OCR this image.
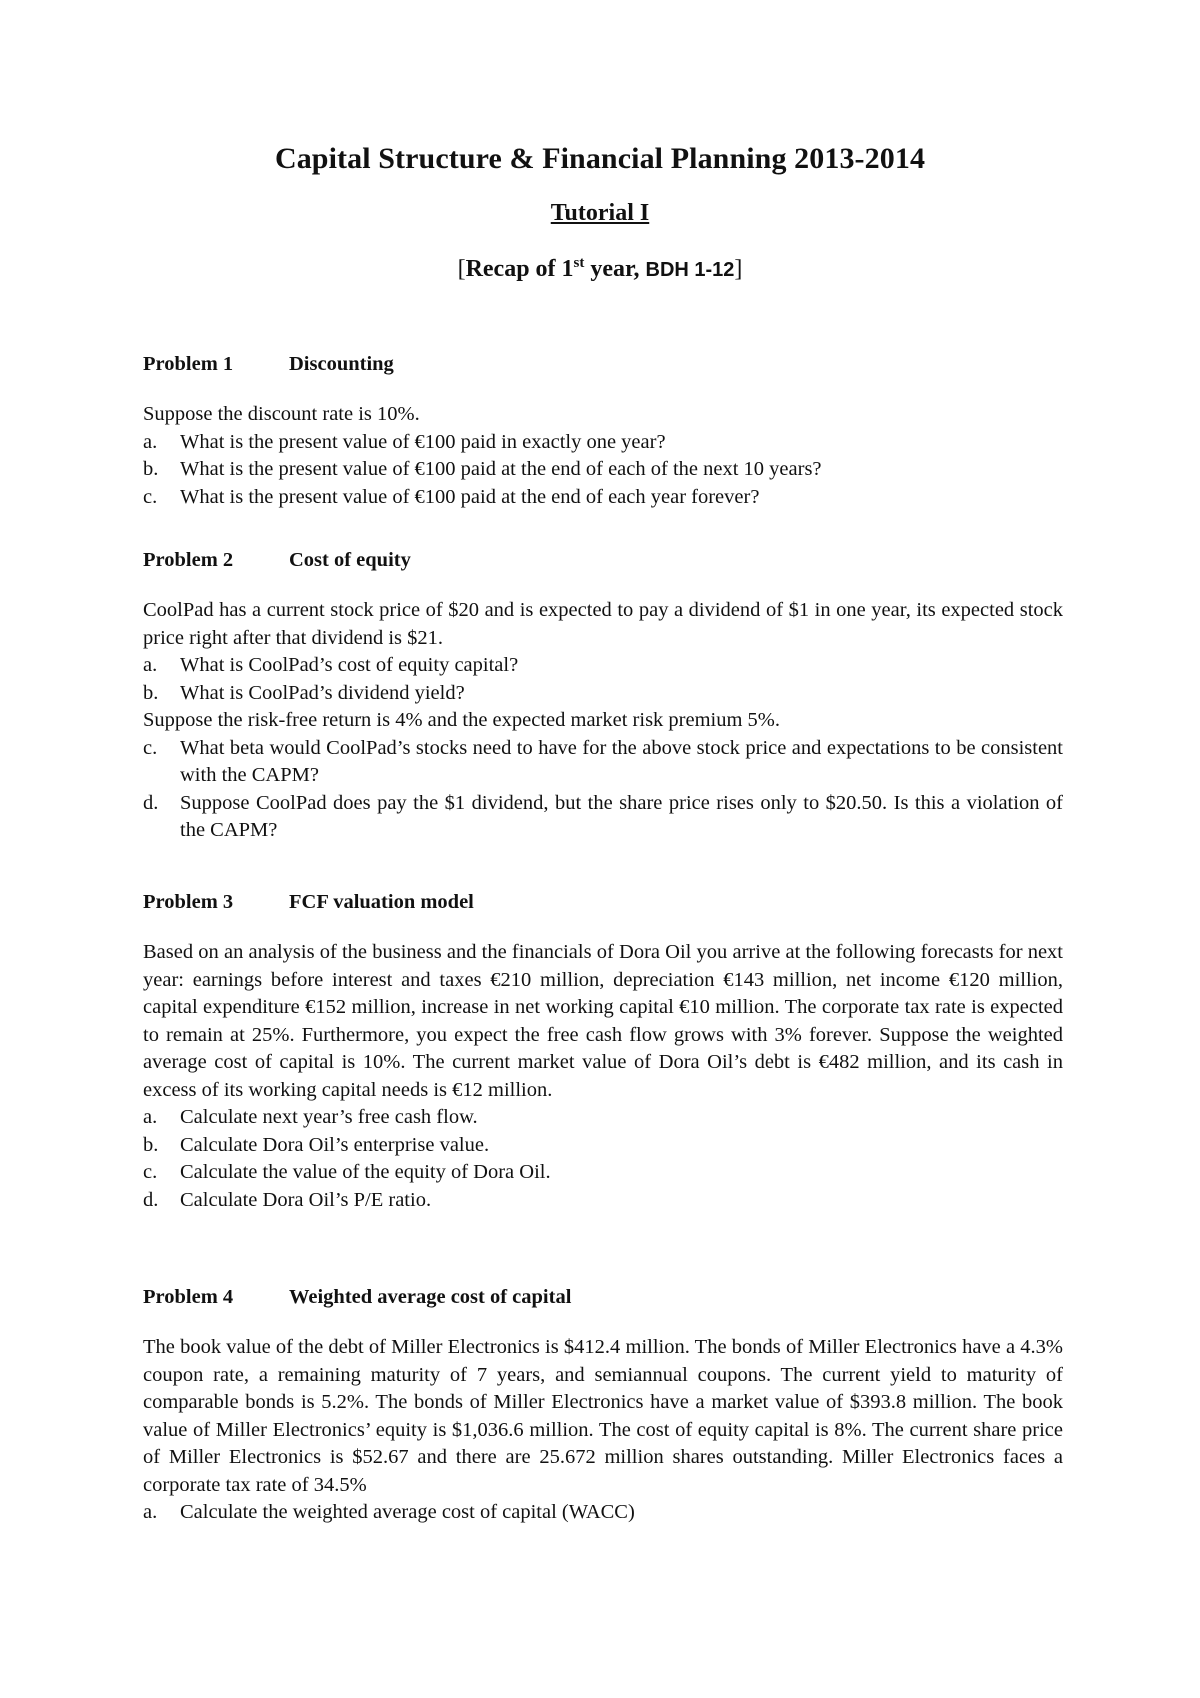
Capital Structure & Financial Planning 2013-2014
Tutorial I
[Recap of 1st year, BDH 1-12]
Problem 1	Discounting
Suppose the discount rate is 10%.
a. What is the present value of €100 paid in exactly one year?
b. What is the present value of €100 paid at the end of each of the next 10 years?
c. What is the present value of €100 paid at the end of each year forever?
Problem 2	Cost of equity
CoolPad has a current stock price of $20 and is expected to pay a dividend of $1 in one year, its expected stock price right after that dividend is $21.
a. What is CoolPad’s cost of equity capital?
b. What is CoolPad’s dividend yield?
Suppose the risk-free return is 4% and the expected market risk premium 5%.
c. What beta would CoolPad’s stocks need to have for the above stock price and expectations to be consistent with the CAPM?
d. Suppose CoolPad does pay the $1 dividend, but the share price rises only to $20.50. Is this a violation of the CAPM?
Problem 3	FCF valuation model
Based on an analysis of the business and the financials of Dora Oil you arrive at the following forecasts for next year: earnings before interest and taxes €210 million, depreciation €143 million, net income €120 million, capital expenditure €152 million, increase in net working capital €10 million. The corporate tax rate is expected to remain at 25%. Furthermore, you expect the free cash flow grows with 3% forever. Suppose the weighted average cost of capital is 10%. The current market value of Dora Oil’s debt is €482 million, and its cash in excess of its working capital needs is €12 million.
a. Calculate next year’s free cash flow.
b. Calculate Dora Oil’s enterprise value.
c. Calculate the value of the equity of Dora Oil.
d. Calculate Dora Oil’s P/E ratio.
Problem 4	Weighted average cost of capital
The book value of the debt of Miller Electronics is $412.4 million. The bonds of Miller Electronics have a 4.3% coupon rate, a remaining maturity of 7 years, and semiannual coupons. The current yield to maturity of comparable bonds is 5.2%. The bonds of Miller Electronics have a market value of $393.8 million. The book value of Miller Electronics’ equity is $1,036.6 million. The cost of equity capital is 8%. The current share price of Miller Electronics is $52.67 and there are 25.672 million shares outstanding. Miller Electronics faces a corporate tax rate of 34.5%
a. Calculate the weighted average cost of capital (WACC)
